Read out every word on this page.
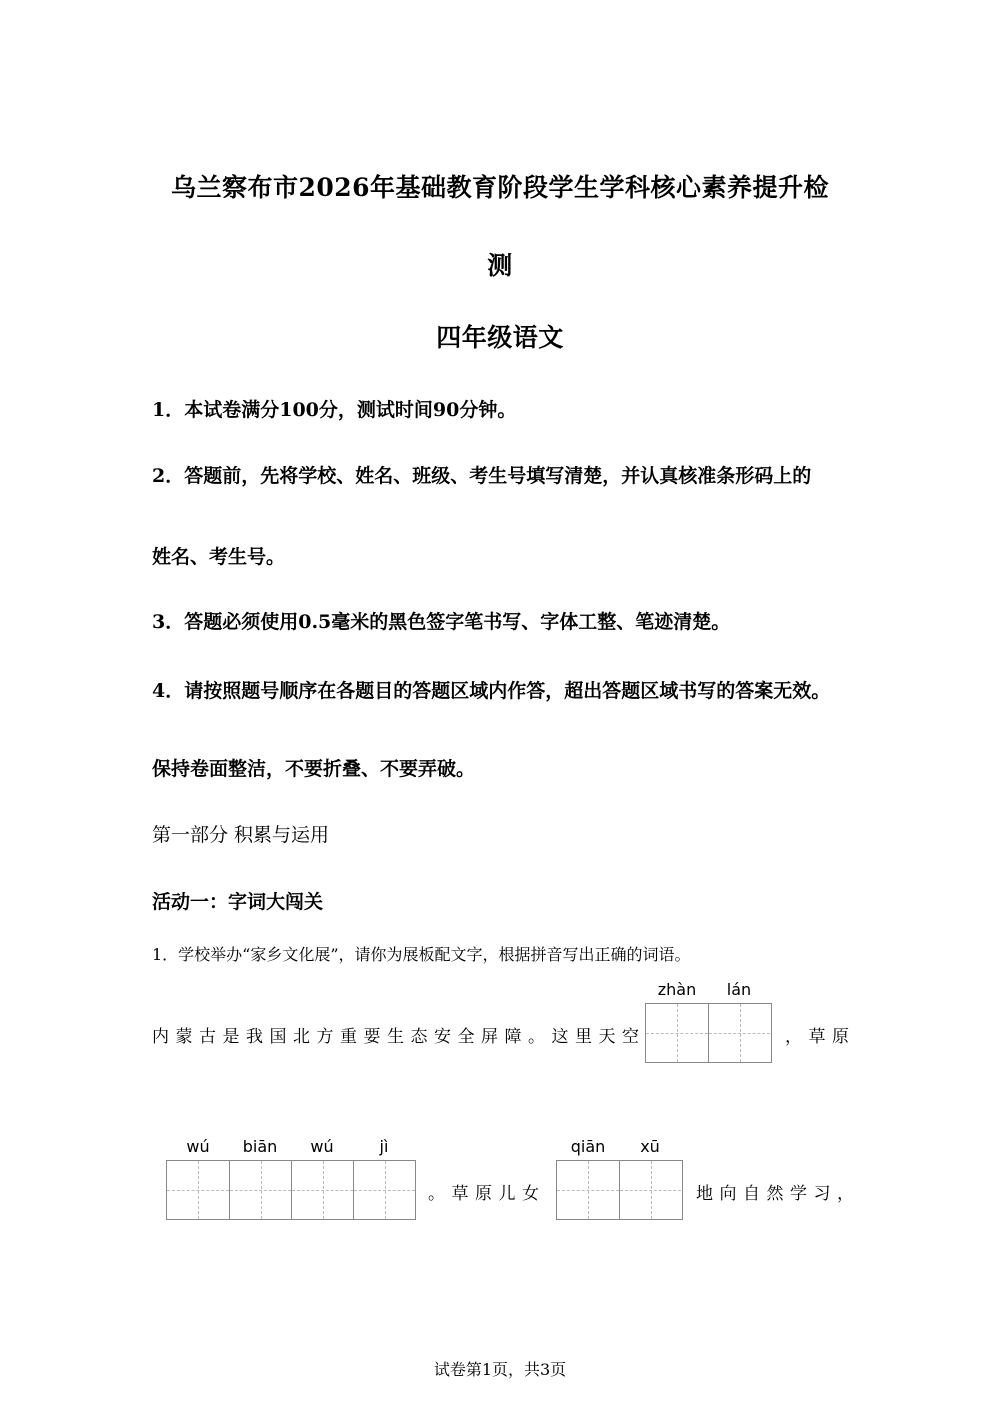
乌兰察布市2026年基础教育阶段学生学科核心素养提升检
测
四年级语文
1．本试卷满分100分，测试时间90分钟。
2．答题前，先将学校、姓名、班级、考生号填写清楚，并认真核准条形码上的
姓名、考生号。
3．答题必须使用0.5毫米的黑色签字笔书写、字体工整、笔迹清楚。
4．请按照题号顺序在各题目的答题区域内作答，超出答题区域书写的答案无效。
保持卷面整洁，不要折叠、不要弄破。
第一部分 积累与运用
活动一：字词大闯关
1．学校举办“家乡文化展”，请你为展板配文字，根据拼音写出正确的词语。
内蒙古是我国北方重要生态安全屏障。这里天空
zhàn	lán
，草原
wú	biān	wú	jì
。草原儿女
qiān	xū
地向自然学习，
试卷第1页，共3页
